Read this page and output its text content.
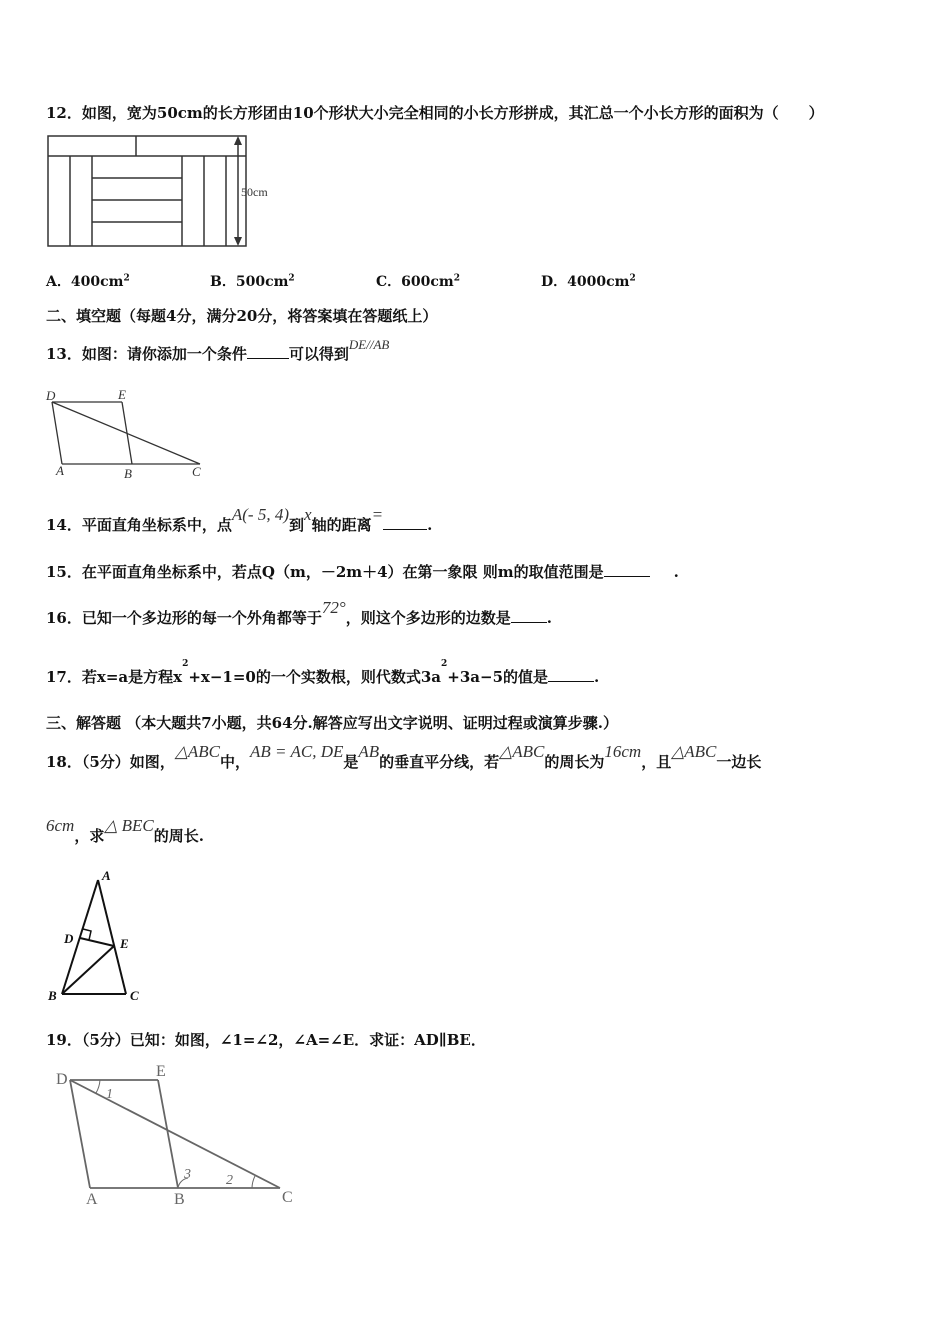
12．如图，宽为50cm的长方形团由10个形状大小完全相同的小长方形拼成，其汇总一个小长方形的面积为（　　）
50cm
A．$400cm^2$	B．$500cm^2$	C．$600cm^2$	D．$4000cm^2$
二、填空题（每题4分，满分20分，将答案填在答题纸上）
13．如图：请你添加一个条件	可以得到DE//AB
D	E
A	B	C
14．平面直角坐标系中，点A(- 5, 4)到x轴的距离=.
15．在平面直角坐标系中，若点Q（m，－2m＋4）在第一象限 则m的取值范围是	.
16．已知一个多边形的每一个外角都等于72°，则这个多边形的边数是 .
17．若x=a是方程$x^2+x-1=0$的一个实数根，则代数式$3a^2+3a-5$的值是	.
三、解答题 （本大题共7小题，共64分.解答应写出文字说明、证明过程或演算步骤.）
18．（5分）如图，△ABC中，AB = AC, DE是AB的垂直平分线，若△ABC的周长为16cm，且△ABC一边长
6cm，求△ BEC的周长.
A
D	E
B	C
19．（5分）已知：如图，∠1=∠2，∠A=∠E．求证：AD∥BE．
D	E
A	B	C
1
2
3
